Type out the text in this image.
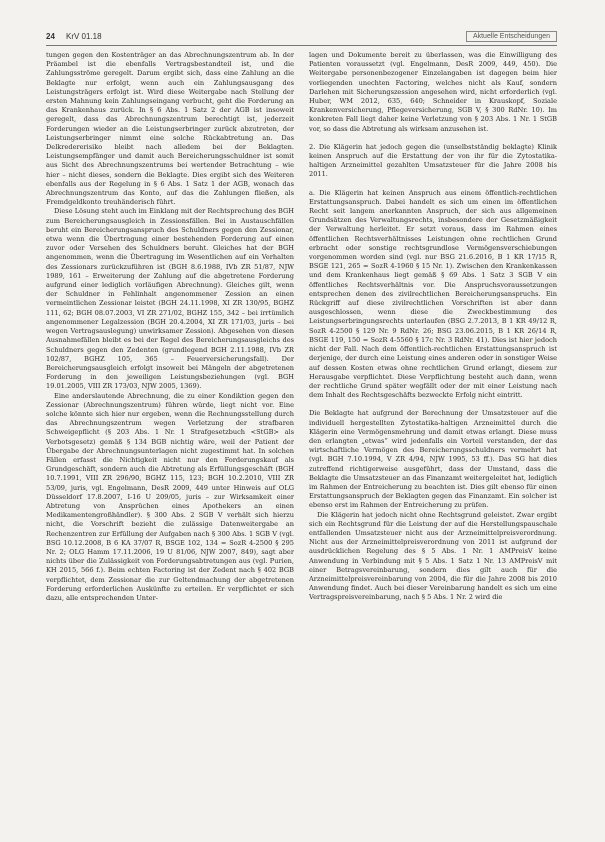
24 KrV 01.18	Aktuelle Entscheidungen

tungen gegen den Kostenträger an das Abrechnungszentrum ab. In der Präambel ist die ebenfalls Vertragsbestandteil ist, und die Zahlungsströme geregelt. Darum ergibt sich, dass eine Zahlung an die Beklagte nur erfolgt, wenn auch ein Zahlungsausgang des Leistungsträgers erfolgt ist. Wird diese Weitergabe nach Stellung der ersten Mahnung kein Zahlungseingang verbucht, geht die Forderung an das Krankenhaus zurück. In § 6 Abs. 1 Satz 2 der AGB ist insoweit geregelt, dass das Abrechnungszentrum berechtigt ist, jederzeit Forderungen wieder an die Leistungserbringer zurück abzutreten, der Leistungserbringer nimmt eine solche Rückabtretung an. Das Delkredererisiko bleibt nach alledem bei der Beklagten. Leistungsempfänger und damit auch Bereicherungsschuldner ist somit aus Sicht des Abrechnungszentrums bei wertender Betrachtung – wie hier – nicht dieses, sondern die Beklagte. Dies ergibt sich des Weiteren ebenfalls aus der Regelung in § 6 Abs. 1 Satz 1 der AGB, wonach das Abrechnungszentrum das Konto, auf das die Zahlungen fließen, als Fremdgeldkonto treuhänderisch führt.

Diese Lösung steht auch im Einklang mit der Rechtsprechung des BGH zum Bereicherungsausgleich in Zessionsfällen. Bei in Austauschfällen beruht ein Bereicherungsanspruch des Schuldners gegen den Zessionar, etwa wenn die Übertragung einer bestehenden Forderung auf einen zuvor oder Versehen des Schuldners beruht. Gleiches hat der BGH angenommen, wenn die Übertragung im Wesentlichen auf ein Verhalten des Zessionars zurückzuführen ist (BGH 8.6.1988, IVb ZR 51/87, NJW 1989, 161 – Erweiterung der Zahlung auf die abgetretene Forderung aufgrund einer lediglich vorläufigen Abrechnung). Gleiches gilt, wenn der Schuldner in Fehlinhalt angenommener Zession an einen vermeintlichen Zessionar leistet (BGH 24.11.1998, XI ZR 130/95, BGHZ 111, 62; BGH 08.07.2003, VI ZR 271/02, BGHZ 155, 342 – bei irrtümlich angenommener Legalzession (BGH 20.4.2004, XI ZR 171/03, juris – bei wegen Vertragsauslegung) unwirksamer Zession). Abgesehen von diesen Ausnahmefällen bleibt es bei der Regel des Bereicherungsausgleichs des Schuldners gegen den Zedenten (grundlegend BGH 2.11.1988, IVb ZR 102/87, BGHZ 105, 365 – Feuerversicherungsfall). Der Bereicherungsausgleich erfolgt insoweit bei Mängeln der abgetretenen Forderung in den jeweiligen Leistungsbeziehungen (vgl. BGH 19.01.2005, VIII ZR 173/03, NJW 2005, 1369).

Eine anderslautende Abrechnung, die zu einer Kondiktion gegen den Zessionar (Abrechnungszentrum) führen würde, liegt nicht vor. Eine solche könnte sich hier nur ergeben, wenn die Rechnungsstellung durch das Abrechnungszentrum wegen Verletzung der strafbaren Schweigepflicht (§ 203 Abs. 1 Nr. 1 Strafgesetzbuch <StGB> als Verbotsgesetz) gemäß § 134 BGB nichtig wäre, weil der Patient der Übergabe der Abrechnungsunterlagen nicht zugestimmt hat. In solchen Fällen erfasst die Nichtigkeit nicht nur den Forderungskauf als Grundgeschäft, sondern auch die Abtretung als Erfüllungsgeschäft (BGH 10.7.1991, VIII ZR 296/90, BGHZ 115, 123; BGH 10.2.2010, VIII ZR 53/09, juris, vgl. Engelmann, DesR 2009, 449 unter Hinweis auf OLG Düsseldorf 17.8.2007, I-16 U 209/05, juris – zur Wirksamkeit einer Abtretung von Ansprüchen eines Apothekers an einen Medikamentengroßhändler). § 300 Abs. 2 SGB V verhält sich hierzu nicht, die Vorschrift bezieht die zulässige Datenweitergabe an Rechenzentren zur Erfüllung der Aufgaben nach § 300 Abs. 1 SGB V (vgl. BSG 10.12.2008, B 6 KA 37/07 R, BSGE 102, 134 = SozR 4-2500 § 295 Nr. 2; OLG Hamm 17.11.2006, 19 U 81/06, NJW 2007, 849), sagt aber nichts über die Zulässigkeit von Forderungsabtretungen aus (vgl. Purien, KH 2015, 566 f.). Beim echten Factoring ist der Zedent nach § 402 BGB verpflichtet, dem Zessionar die zur Geltendmachung der abgetretenen Forderung erforderlichen Auskünfte zu erteilen. Er verpflichtet er sich dazu, alle entsprechenden Unter-

lagen und Dokumente bereit zu überlassen, was die Einwilligung des Patienten voraussetzt (vgl. Engelmann, DesR 2009, 449, 450). Die Weitergabe personenbezogener Einzelangaben ist dagegen beim hier vorliegenden unechten Factoring, welches nicht als Kauf, sondern Darlehen mit Sicherungszession angesehen wird, nicht erforderlich (vgl. Huber, WM 2012, 635, 640; Schneider in Krauskopf, Soziale Krankenversicherung, Pflegeversicherung, SGB V, § 300 RdNr. 10). Im konkreten Fall liegt daher keine Verletzung von § 203 Abs. 1 Nr. 1 StGB vor, so dass die Abtretung als wirksam anzusehen ist.

2. Die Klägerin hat jedoch gegen die (unselbstständig beklagte) Klinik keinen Anspruch auf die Erstattung der von ihr für die Zytostatika-haltigen Arzneimittel gezahlten Umsatzsteuer für die Jahre 2008 bis 2011.

a. Die Klägerin hat keinen Anspruch aus einem öffentlich-rechtlichen Erstattungsanspruch. Dabei handelt es sich um einen im öffentlichen Recht seit langem anerkannten Anspruch, der sich aus allgemeinen Grundsätzen des Verwaltungsrechts, insbesondere der Gesetzmäßigkeit der Verwaltung herleitet. Er setzt voraus, dass im Rahmen eines öffentlichen Rechtsverhältnisses Leistungen ohne rechtlichen Grund erbracht oder sonstige rechtsgrundlose Vermögensverschiebungen vorgenommen worden sind (vgl. nur BSG 21.6.2016, B 1 KR 17/15 R, BSGE 121, 265 = SozR 4-1960 § 15 Nr. 1). Zwischen den Krankenkassen und dem Krankenhaus liegt gemäß § 69 Abs. 1 Satz 3 SGB V ein öffentliches Rechtsverhältnis vor. Die Anspruchsvoraussetzungen entsprechen denen des zivilrechtlichen Bereicherungsanspruchs. Ein Rückgriff auf diese zivilrechtlichen Vorschriften ist aber dann ausgeschlossen, wenn diese die Zweckbestimmung des Leistungserbringungsrechts unterlaufen (BSG 2.7.2013, B 1 KR 49/12 R, SozR 4-2500 § 129 Nr. 9 RdNr. 26; BSG 23.06.2015, B 1 KR 26/14 R, BSGE 119, 150 = SozR 4-5560 § 17c Nr. 3 RdNr. 41). Dies ist hier jedoch nicht der Fall. Nach dem öffentlich-rechtlichen Erstattungsanspruch ist derjenige, der durch eine Leistung eines anderen oder in sonstiger Weise auf dessen Kosten etwas ohne rechtlichen Grund erlangt, diesem zur Herausgabe verpflichtet. Diese Verpflichtung besteht auch dann, wenn der rechtliche Grund später wegfällt oder der mit einer Leistung nach dem Inhalt des Rechtsgeschäfts bezweckte Erfolg nicht eintritt.

Die Beklagte hat aufgrund der Berechnung der Umsatzsteuer auf die individuell hergestellten Zytostatika-haltigen Arzneimittel durch die Klägerin eine Vermögensmehrung und damit etwas erlangt. Diese muss den erlangten „etwas“ wird jedenfalls ein Vorteil verstanden, der das wirtschaftliche Vermögen des Bereicherungsschuldners vermehrt hat (vgl. BGH 7.10.1994, V ZR 4/94, NJW 1995, 53 ff.). Das SG hat dies zutreffend richtigerweise ausgeführt, dass der Umstand, dass die Beklagte die Umsatzsteuer an das Finanzamt weitergeleitet hat, lediglich im Rahmen der Entreicherung zu beachten ist. Dies gilt ebenso für einen Erstattungsanspruch der Beklagten gegen das Finanzamt. Ein solcher ist ebenso erst im Rahmen der Entreicherung zu prüfen.

Die Klägerin hat jedoch nicht ohne Rechtsgrund geleistet. Zwar ergibt sich ein Rechtsgrund für die Leistung der auf die Herstellungspauschale entfallenden Umsatzsteuer nicht aus der Arzneimittelpreisverordnung. Nicht aus der Arzneimittelpreisverordnung von 2011 ist aufgrund der ausdrücklichen Regelung des § 5 Abs. 1 Nr. 1 AMPreisV keine Anwendung in Verbindung mit § 5 Abs. 1 Satz 1 Nr. 13 AMPreisV mit einer Betragsvereinbarung, sondern dies gilt auch für die Arzneimittelpreisvereinbarung von 2004, die für die Jahre 2008 bis 2010 Anwendung findet. Auch bei dieser Vereinbarung handelt es sich um eine Vertragspreisvereinbarung, nach § 5 Abs. 1 Nr. 2 wird die
